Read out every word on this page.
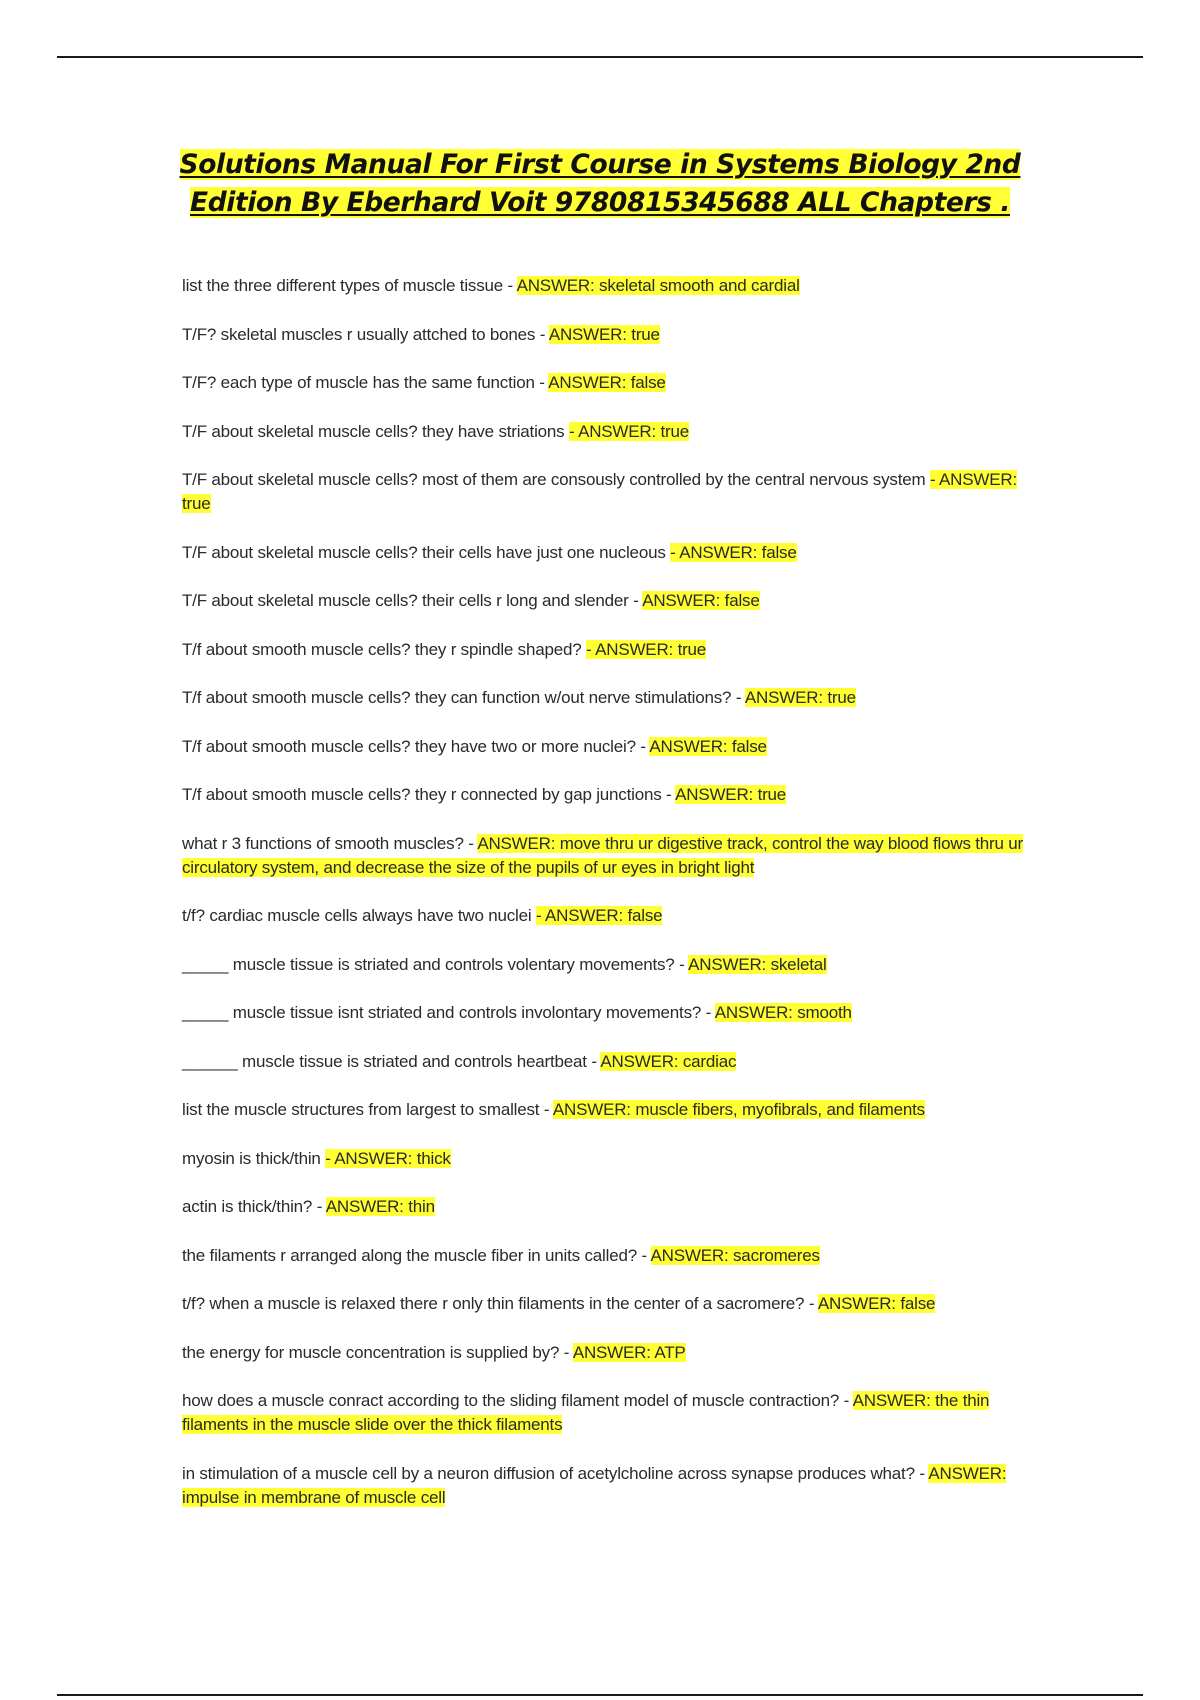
Solutions Manual For First Course in Systems Biology 2nd Edition By Eberhard Voit 9780815345688 ALL Chapters .
list the three different types of muscle tissue - ANSWER: skeletal smooth and cardial
T/F? skeletal muscles r usually attched to bones - ANSWER: true
T/F? each type of muscle has the same function - ANSWER: false
T/F about skeletal muscle cells? they have striations - ANSWER: true
T/F about skeletal muscle cells? most of them are consously controlled by the central nervous system - ANSWER: true
T/F about skeletal muscle cells? their cells have just one nucleous - ANSWER: false
T/F about skeletal muscle cells? their cells r long and slender - ANSWER: false
T/f about smooth muscle cells? they r spindle shaped? - ANSWER: true
T/f about smooth muscle cells? they can function w/out nerve stimulations? - ANSWER: true
T/f about smooth muscle cells? they have two or more nuclei? - ANSWER: false
T/f about smooth muscle cells? they r connected by gap junctions - ANSWER: true
what r 3 functions of smooth muscles? - ANSWER: move thru ur digestive track, control the way blood flows thru ur circulatory system, and decrease the size of the pupils of ur eyes in bright light
t/f? cardiac muscle cells always have two nuclei - ANSWER: false
_____ muscle tissue is striated and controls volentary movements? - ANSWER: skeletal
_____ muscle tissue isnt striated and controls involontary movements? - ANSWER: smooth
______ muscle tissue is striated and controls heartbeat - ANSWER: cardiac
list the muscle structures from largest to smallest - ANSWER: muscle fibers, myofibrals, and filaments
myosin is thick/thin - ANSWER: thick
actin is thick/thin? - ANSWER: thin
the filaments r arranged along the muscle fiber in units called? - ANSWER: sacromeres
t/f? when a muscle is relaxed there r only thin filaments in the center of a sacromere? - ANSWER: false
the energy for muscle concentration is supplied by? - ANSWER: ATP
how does a muscle conract according to the sliding filament model of muscle contraction? - ANSWER: the thin filaments in the muscle slide over the thick filaments
in stimulation of a muscle cell by a neuron diffusion of acetylcholine across synapse produces what? - ANSWER: impulse in membrane of muscle cell
